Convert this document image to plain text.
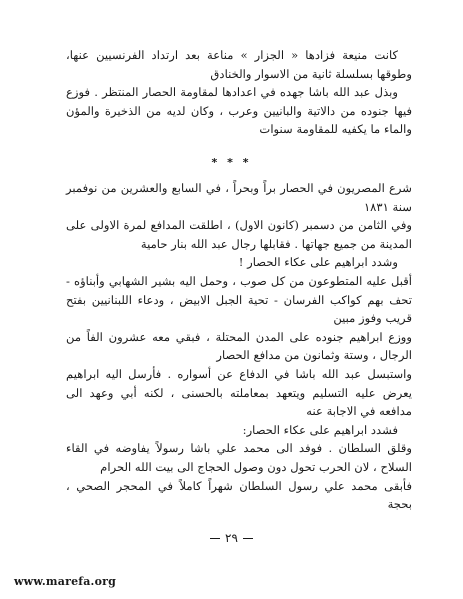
كانت منيعة فزادها « الجزار » مناعة بعد ارتداد الفرنسيين عنها، وطوقها بسلسلة ثانية من الاسوار والخنادق

وبذل عبد الله باشا جهده في اعدادها لمقاومة الحصار المنتظر . فوزع فيها جنوده من دالاتية والبانيين وعرب ، وكان لديه من الذخيرة والمؤن والماء ما يكفيه للمقاومة سنوات

* * *

شرع المصريون في الحصار براً وبحراً ، في السابع والعشرين من نوفمبر سنة ١٨٣١

وفي الثامن من دسمبر (كانون الاول) ، اطلقت المدافع لمرة الاولى على المدينة من جميع جهاتها . فقابلها رجال عبد الله بنار حامية

وشدد ابراهيم على عكاء الحصار !

أقبل عليه المتطوعون من كل صوب ، وحمل اليه بشير الشهابي وأبناؤه - تحف بهم كواكب الفرسان - تحية الجبل الابيض ، ودعاء اللبنانيين بفتح قريب وفوز مبين

ووزع ابراهيم جنوده على المدن المحتلة ، فبقي معه عشرون الفاً من الرجال ، وستة وثمانون من مدافع الحصار

واستبسل عبد الله باشا في الدفاع عن أسواره . فأرسل اليه ابراهيم يعرض عليه التسليم ويتعهد بمعاملته بالحسنى ، لكنه أبي وعهد الى مدافعه في الاجابة عنه

فشدد ابراهيم على عكاء الحصار:

وقلق السلطان . فوفد الى محمد علي باشا رسولاً يفاوضه في القاء السلاح ، لان الحرب تحول دون وصول الحجاج الى بيت الله الحرام

فأبقى محمد علي رسول السلطان شهراً كاملاً في المحجر الصحي ، بحجة

٢٩
www.marefa.org
